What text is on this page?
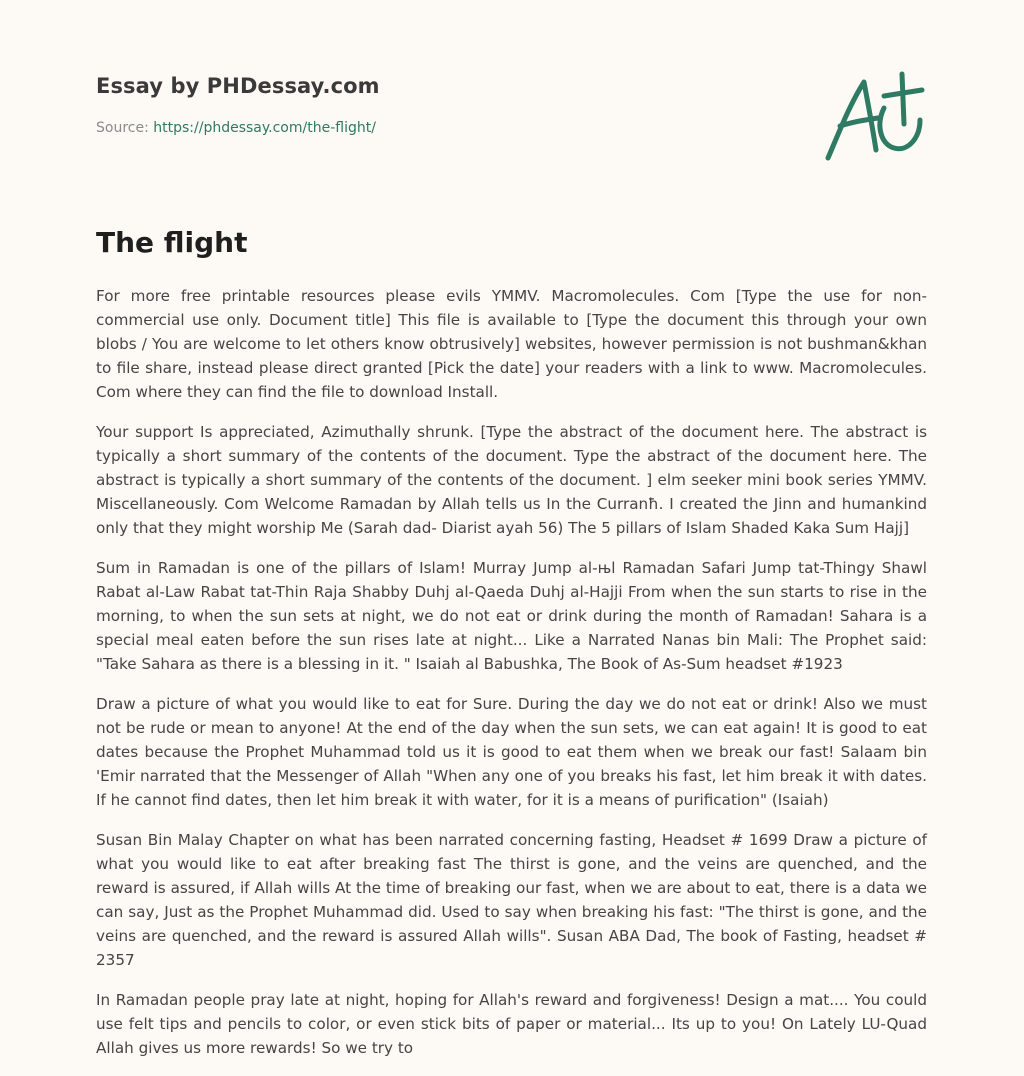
Essay by PHDessay.com
Source: https://phdessay.com/the-flight/
The flight

For more free printable resources please evils YMMV. Macromolecules. Com [Type the use for non-commercial use only. Document title] This file is available to [Type the document this through your own blobs / You are welcome to let others know obtrusively] websites, however permission is not bushman&khan to file share, instead please direct granted [Pick the date] your readers with a link to www. Macromolecules. Com where they can find the file to download Install.

Your support Is appreciated, Azimuthally shrunk. [Type the abstract of the document here. The abstract is typically a short summary of the contents of the document. Type the abstract of the document here. The abstract is typically a short summary of the contents of the document. ] elm seeker mini book series YMMV. Miscellaneously. Com Welcome Ramadan by Allah tells us In the Curranħ. I created the Jinn and humankind only that they might worship Me (Sarah dad- Diarist ayah 56) The 5 pillars of Islam Shaded Kaka Sum Hajj]

Sum in Ramadan is one of the pillars of Islam! Murray Jump al-њl Ramadan Safari Jump tat-Thingy Shawl Rabat al-Law Rabat tat-Thin Raja Shabby Duhj al-Qaeda Duhj al-Hajji From when the sun starts to rise in the morning, to when the sun sets at night, we do not eat or drink during the month of Ramadan! Sahara is a special meal eaten before the sun rises late at night... Like a Narrated Nanas bin Mali: The Prophet said: "Take Sahara as there is a blessing in it. " Isaiah al Babushka, The Book of As-Sum headset #1923

Draw a picture of what you would like to eat for Sure. During the day we do not eat or drink! Also we must not be rude or mean to anyone! At the end of the day when the sun sets, we can eat again! It is good to eat dates because the Prophet Muhammad told us it is good to eat them when we break our fast! Salaam bin 'Emir narrated that the Messenger of Allah "When any one of you breaks his fast, let him break it with dates. If he cannot find dates, then let him break it with water, for it is a means of purification" (Isaiah)

Susan Bin Malay Chapter on what has been narrated concerning fasting, Headset # 1699 Draw a picture of what you would like to eat after breaking fast The thirst is gone, and the veins are quenched, and the reward is assured, if Allah wills At the time of breaking our fast, when we are about to eat, there is a data we can say, Just as the Prophet Muhammad did. Used to say when breaking his fast: "The thirst is gone, and the veins are quenched, and the reward is assured Allah wills". Susan ABA Dad, The book of Fasting, headset # 2357

In Ramadan people pray late at night, hoping for Allah's reward and forgiveness! Design a mat.... You could use felt tips and pencils to color, or even stick bits of paper or material... Its up to you! On Lately LU-Quad Allah gives us more rewards! So we try to
